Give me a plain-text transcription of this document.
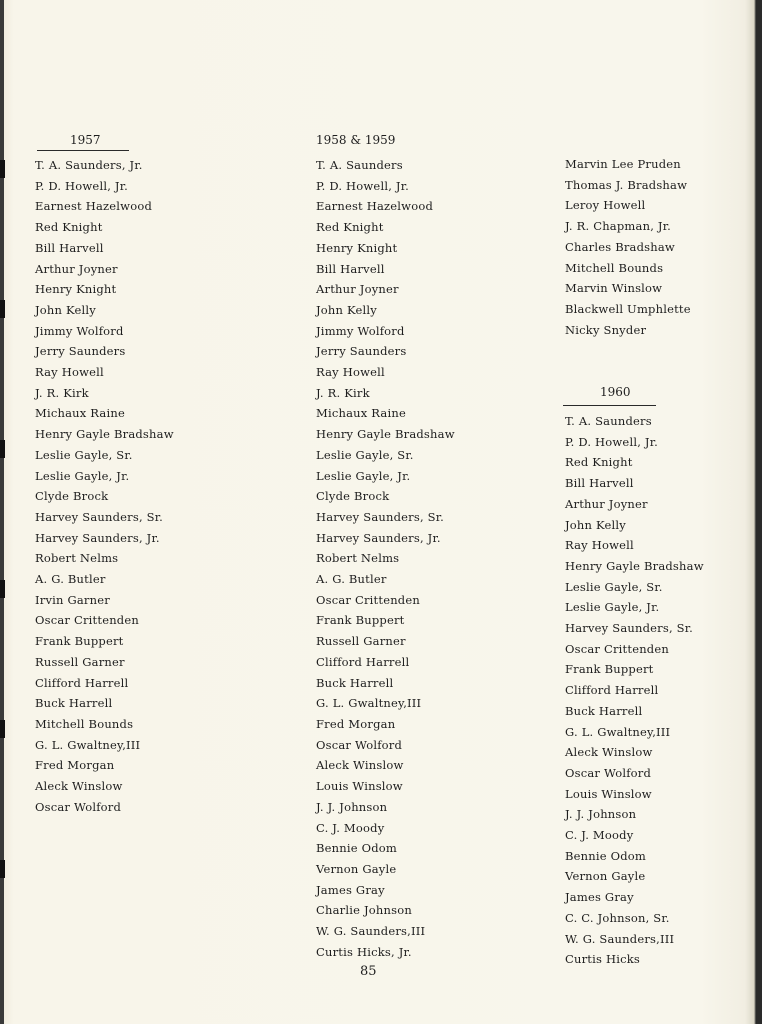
1957
T. A. Saunders, Jr.
P. D. Howell, Jr.
Earnest Hazelwood
Red Knight
Bill Harvell
Arthur Joyner
Henry Knight
John Kelly
Jimmy Wolford
Jerry Saunders
Ray Howell
J. R. Kirk
Michaux Raine
Henry Gayle Bradshaw
Leslie Gayle, Sr.
Leslie Gayle, Jr.
Clyde Brock
Harvey Saunders, Sr.
Harvey Saunders, Jr.
Robert Nelms
A. G. Butler
Irvin Garner
Oscar Crittenden
Frank Buppert
Russell Garner
Clifford Harrell
Buck Harrell
Mitchell Bounds
G. L. Gwaltney,III
Fred Morgan
Aleck Winslow
Oscar Wolford
1958 & 1959
T. A. Saunders
P. D. Howell, Jr.
Earnest Hazelwood
Red Knight
Henry Knight
Bill Harvell
Arthur Joyner
John Kelly
Jimmy Wolford
Jerry Saunders
Ray Howell
J. R. Kirk
Michaux Raine
Henry Gayle Bradshaw
Leslie Gayle, Sr.
Leslie Gayle, Jr.
Clyde Brock
Harvey Saunders, Sr.
Harvey Saunders, Jr.
Robert Nelms
A. G. Butler
Oscar Crittenden
Frank Buppert
Russell Garner
Clifford Harrell
Buck Harrell
G. L. Gwaltney,III
Fred Morgan
Oscar Wolford
Aleck Winslow
Louis Winslow
J. J. Johnson
C. J. Moody
Bennie Odom
Vernon Gayle
James Gray
Charlie Johnson
W. G. Saunders,III
Curtis Hicks, Jr.
Marvin Lee Pruden
Thomas J. Bradshaw
Leroy Howell
J. R. Chapman, Jr.
Charles Bradshaw
Mitchell Bounds
Marvin Winslow
Blackwell Umphlette
Nicky Snyder
1960
T. A. Saunders
P. D. Howell, Jr.
Red Knight
Bill Harvell
Arthur Joyner
John Kelly
Ray Howell
Henry Gayle Bradshaw
Leslie Gayle, Sr.
Leslie Gayle, Jr.
Harvey Saunders, Sr.
Oscar Crittenden
Frank Buppert
Clifford Harrell
Buck Harrell
G. L. Gwaltney,III
Aleck Winslow
Oscar Wolford
Louis Winslow
J. J. Johnson
C. J. Moody
Bennie Odom
Vernon Gayle
James Gray
C. C. Johnson, Sr.
W. G. Saunders,III
Curtis Hicks
85
